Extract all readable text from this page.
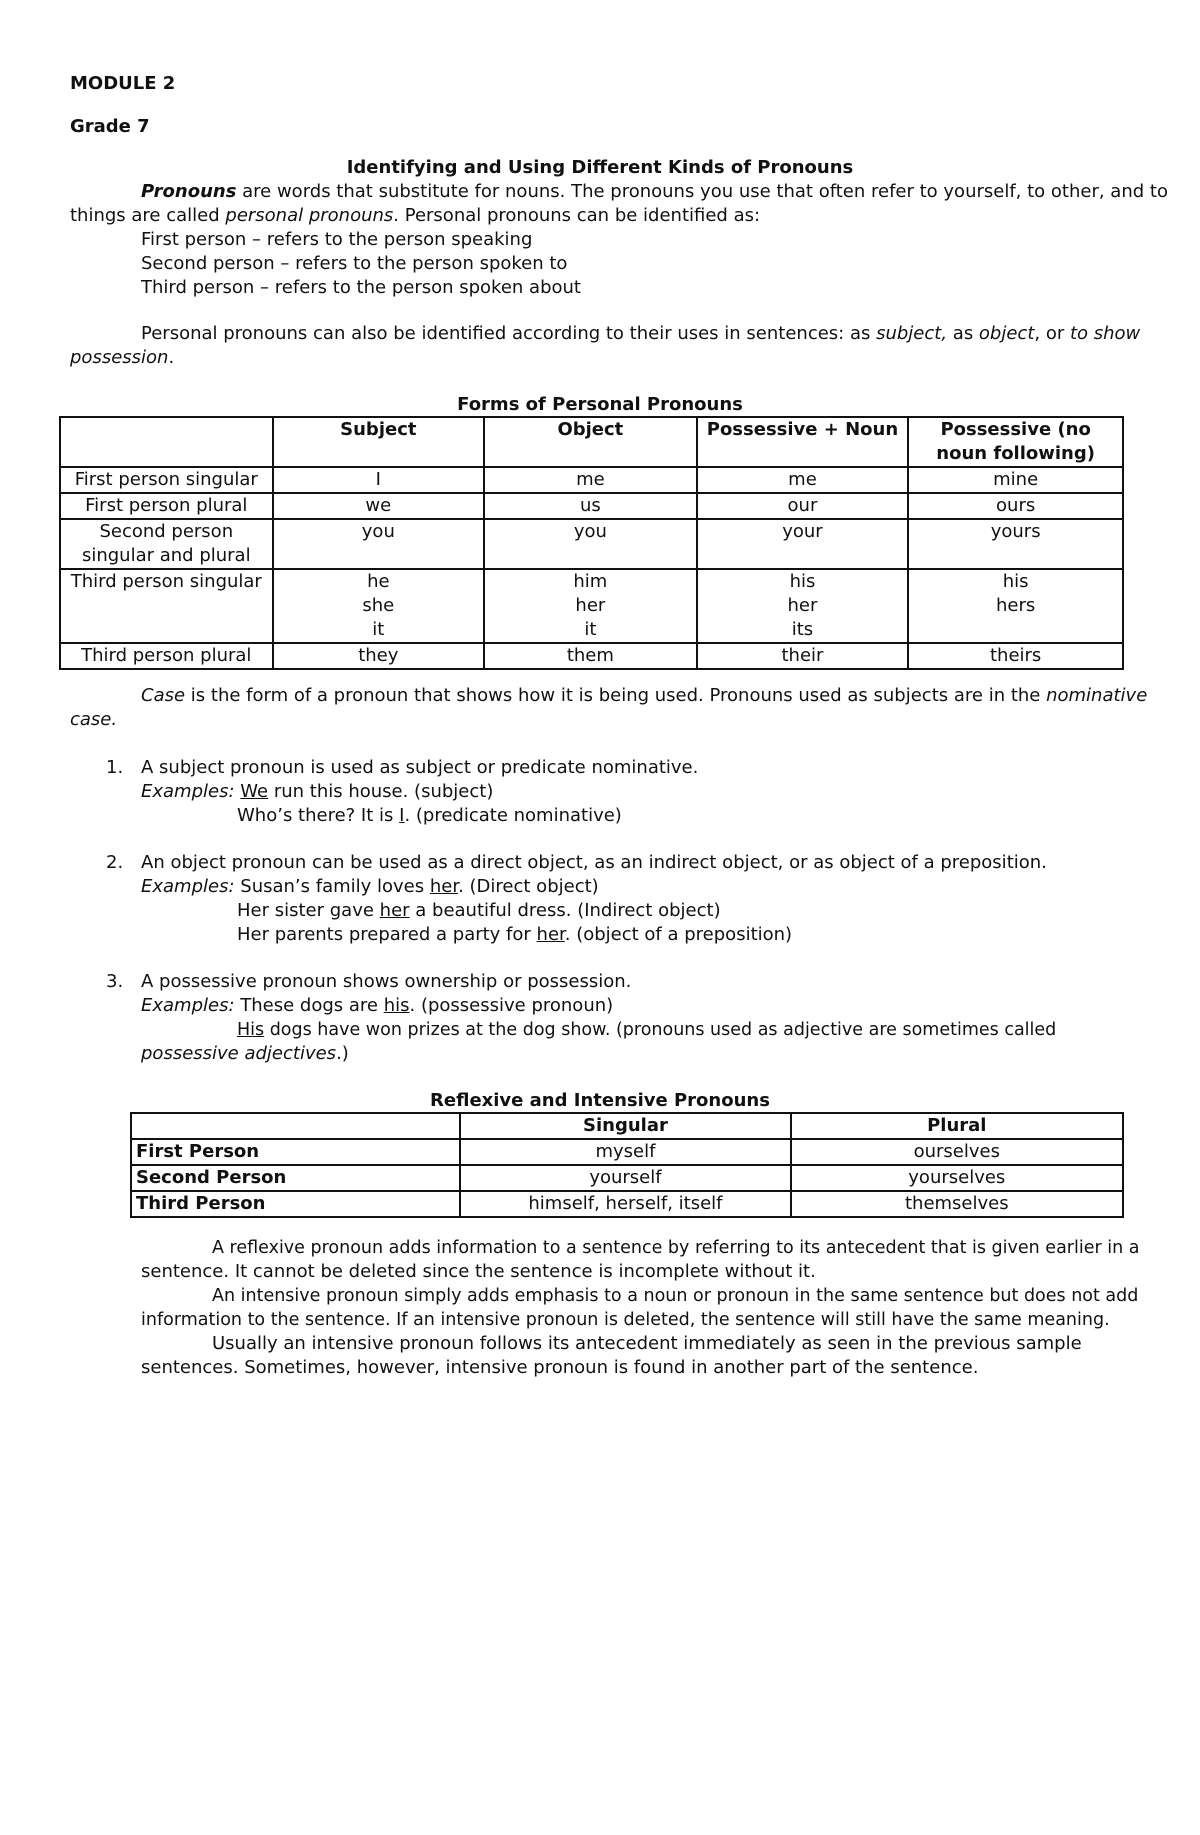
MODULE 2
Grade 7
Identifying and Using Different Kinds of Pronouns
Pronouns are words that substitute for nouns. The pronouns you use that often refer to yourself, to other, and to
things are called personal pronouns. Personal pronouns can be identified as:
First person – refers to the person speaking
Second person – refers to the person spoken to
Third person – refers to the person spoken about
Personal pronouns can also be identified according to their uses in sentences: as subject, as object, or to show
possession.
Forms of Personal Pronouns
	Subject	Object	Possessive + Noun	Possessive (no noun following)
First person singular	I	me	me	mine
First person plural	we	us	our	ours
Second person singular and plural	you	you	your	yours
Third person singular	he
she
it	him
her
it	his
her
its	his
hers
Third person plural	they	them	their	theirs
Case is the form of a pronoun that shows how it is being used. Pronouns used as subjects are in the nominative
case.
1. A subject pronoun is used as subject or predicate nominative.
Examples: We run this house. (subject)
Who’s there? It is I. (predicate nominative)
2. An object pronoun can be used as a direct object, as an indirect object, or as object of a preposition.
Examples: Susan’s family loves her. (Direct object)
Her sister gave her a beautiful dress. (Indirect object)
Her parents prepared a party for her. (object of a preposition)
3. A possessive pronoun shows ownership or possession.
Examples: These dogs are his. (possessive pronoun)
His dogs have won prizes at the dog show. (pronouns used as adjective are sometimes called
possessive adjectives.)
Reflexive and Intensive Pronouns
	Singular	Plural
First Person	myself	ourselves
Second Person	yourself	yourselves
Third Person	himself, herself, itself	themselves
A reflexive pronoun adds information to a sentence by referring to its antecedent that is given earlier in a
sentence. It cannot be deleted since the sentence is incomplete without it.
An intensive pronoun simply adds emphasis to a noun or pronoun in the same sentence but does not add
information to the sentence. If an intensive pronoun is deleted, the sentence will still have the same meaning.
Usually an intensive pronoun follows its antecedent immediately as seen in the previous sample
sentences. Sometimes, however, intensive pronoun is found in another part of the sentence.
